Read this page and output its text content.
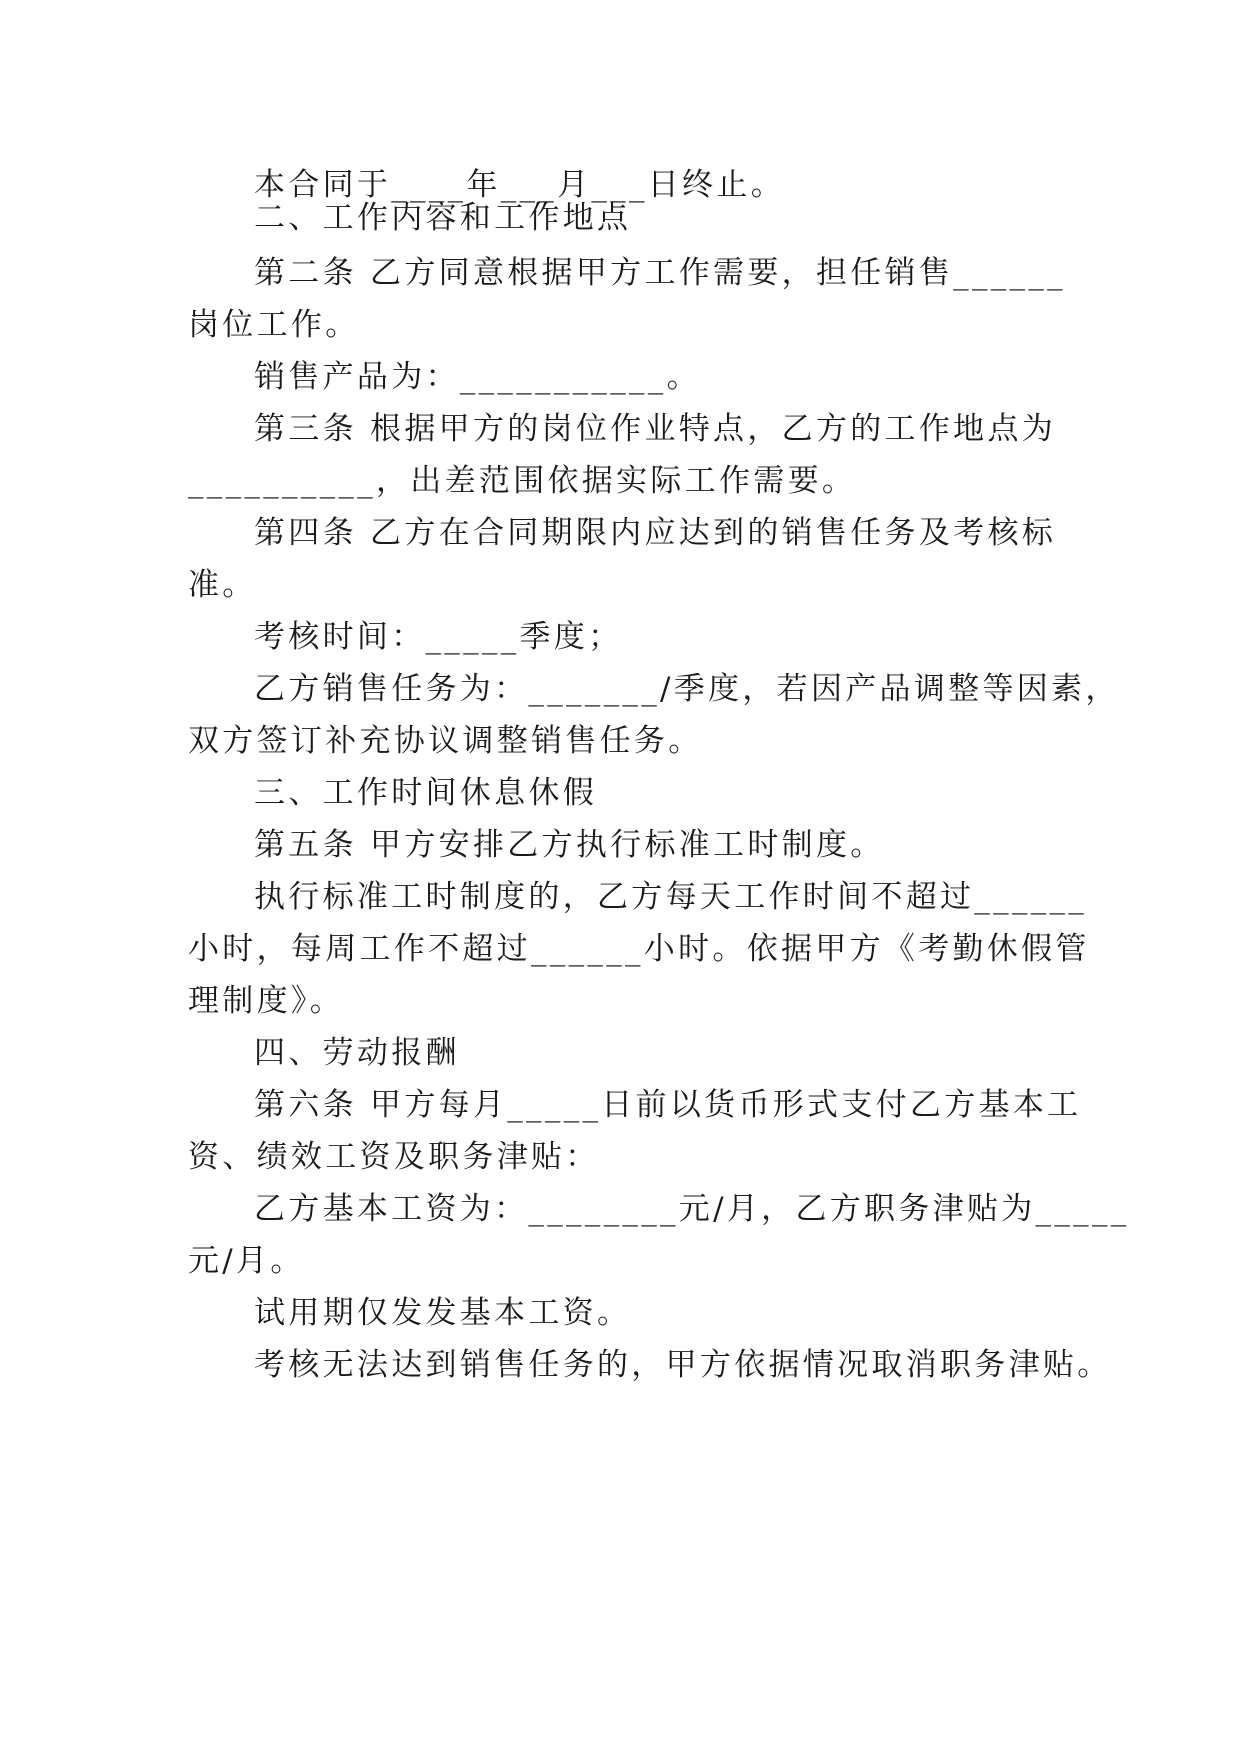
本合同于____年___月___日终止。
二、工作内容和工作地点
第二条 乙方同意根据甲方工作需要，担任销售______
岗位工作。
销售产品为：___________。
第三条 根据甲方的岗位作业特点，乙方的工作地点为
__________，出差范围依据实际工作需要。
第四条 乙方在合同期限内应达到的销售任务及考核标
准。
考核时间：_____季度；
乙方销售任务为：_______/季度，若因产品调整等因素，
双方签订补充协议调整销售任务。
三、工作时间休息休假
第五条 甲方安排乙方执行标准工时制度。
执行标准工时制度的，乙方每天工作时间不超过______
小时，每周工作不超过______小时。依据甲方《考勤休假管
理制度》。
四、劳动报酬
第六条 甲方每月_____日前以货币形式支付乙方基本工
资、绩效工资及职务津贴：
乙方基本工资为：________元/月，乙方职务津贴为_____
元/月。
试用期仅发发基本工资。
考核无法达到销售任务的，甲方依据情况取消职务津贴。
